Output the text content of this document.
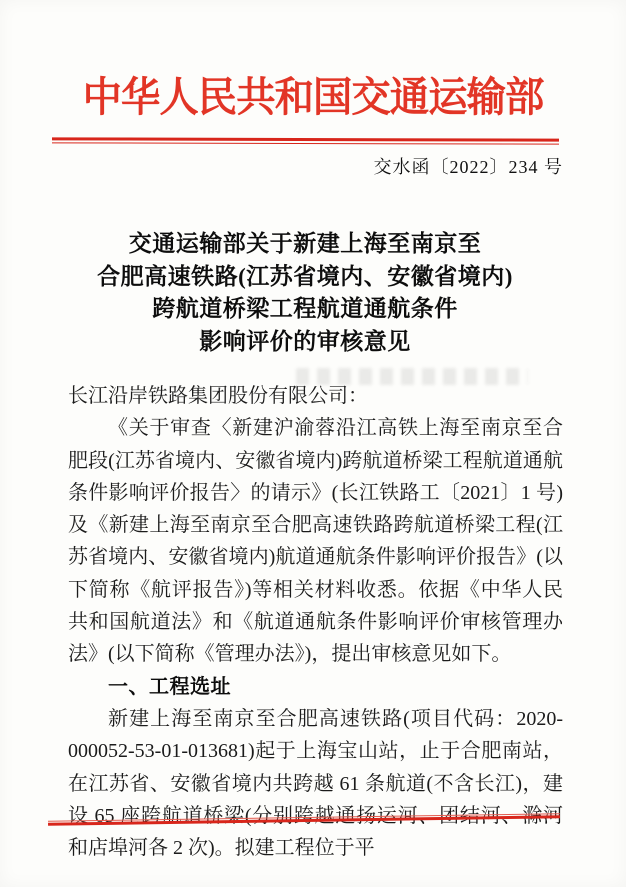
中华人民共和国交通运输部
交水函〔2022〕234 号
交通运输部关于新建上海至南京至
合肥高速铁路(江苏省境内、安徽省境内)
跨航道桥梁工程航道通航条件
影响评价的审核意见

长江沿岸铁路集团股份有限公司：

《关于审查〈新建沪渝蓉沿江高铁上海至南京至合肥段(江苏省境内、安徽省境内)跨航道桥梁工程航道通航条件影响评价报告〉的请示》(长江铁路工〔2021〕1 号)及《新建上海至南京至合肥高速铁路跨航道桥梁工程(江苏省境内、安徽省境内)航道通航条件影响评价报告》(以下简称《航评报告》)等相关材料收悉。依据《中华人民共和国航道法》和《航道通航条件影响评价审核管理办法》(以下简称《管理办法》)，提出审核意见如下。

一、工程选址

新建上海至南京至合肥高速铁路(项目代码：2020-000052-53-01-013681)起于上海宝山站，止于合肥南站，在江苏省、安徽省境内共跨越 61 条航道(不含长江)，建设 65 座跨航道桥梁(分别跨越通扬运河、团结河、滁河和店埠河各 2 次)。拟建工程位于平
